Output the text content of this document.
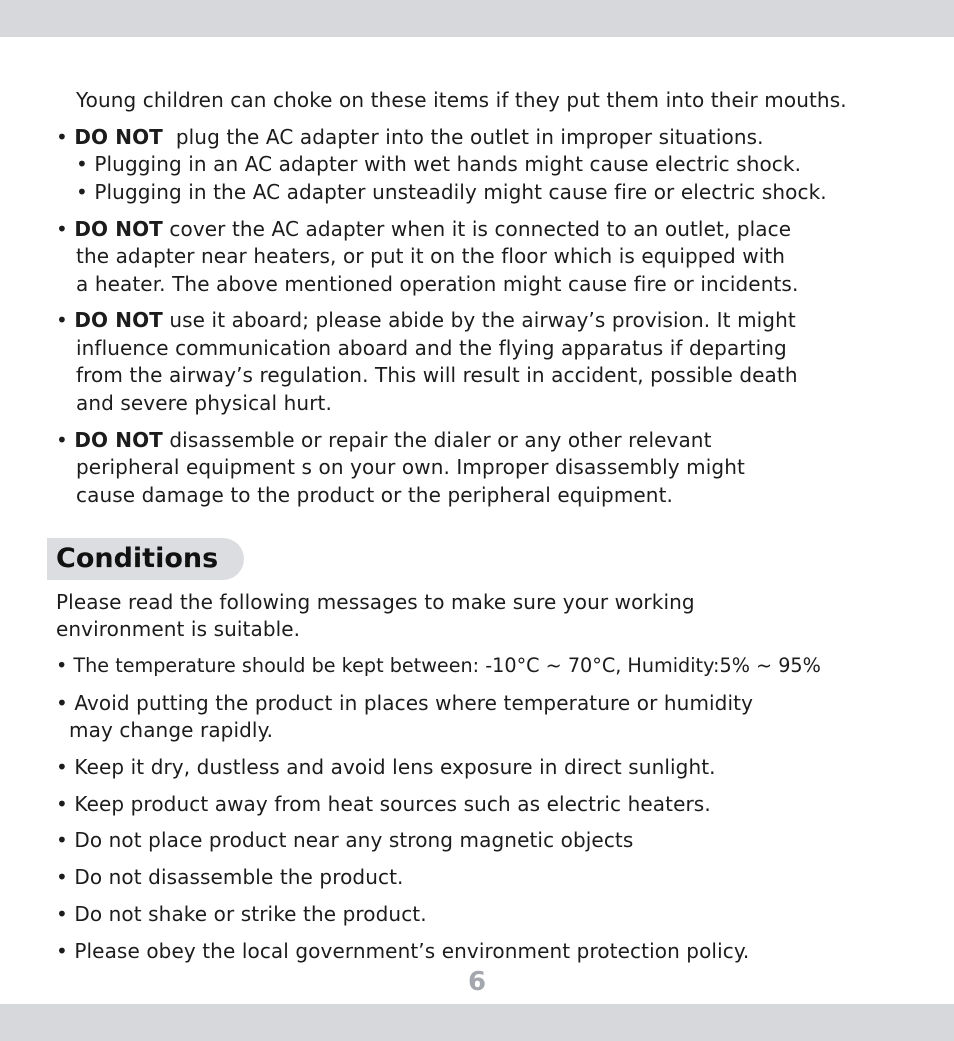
Young children can choke on these items if they put them into their mouths.
• DO NOT plug the AC adapter into the outlet in improper situations.
• Plugging in an AC adapter with wet hands might cause electric shock.
• Plugging in the AC adapter unsteadily might cause fire or electric shock.
• DO NOT cover the AC adapter when it is connected to an outlet, place
the adapter near heaters, or put it on the floor which is equipped with
a heater. The above mentioned operation might cause fire or incidents.
• DO NOT use it aboard; please abide by the airway’s provision. It might
influence communication aboard and the flying apparatus if departing
from the airway’s regulation. This will result in accident, possible death
and severe physical hurt.
• DO NOT disassemble or repair the dialer or any other relevant
peripheral equipment s on your own. Improper disassembly might
cause damage to the product or the peripheral equipment.
Conditions
Please read the following messages to make sure your working
environment is suitable.
• The temperature should be kept between: -10°C ~ 70°C, Humidity:5% ~ 95%
• Avoid putting the product in places where temperature or humidity
may change rapidly.
• Keep it dry, dustless and avoid lens exposure in direct sunlight.
• Keep product away from heat sources such as electric heaters.
• Do not place product near any strong magnetic objects
• Do not disassemble the product.
• Do not shake or strike the product.
• Please obey the local government’s environment protection policy.
6
